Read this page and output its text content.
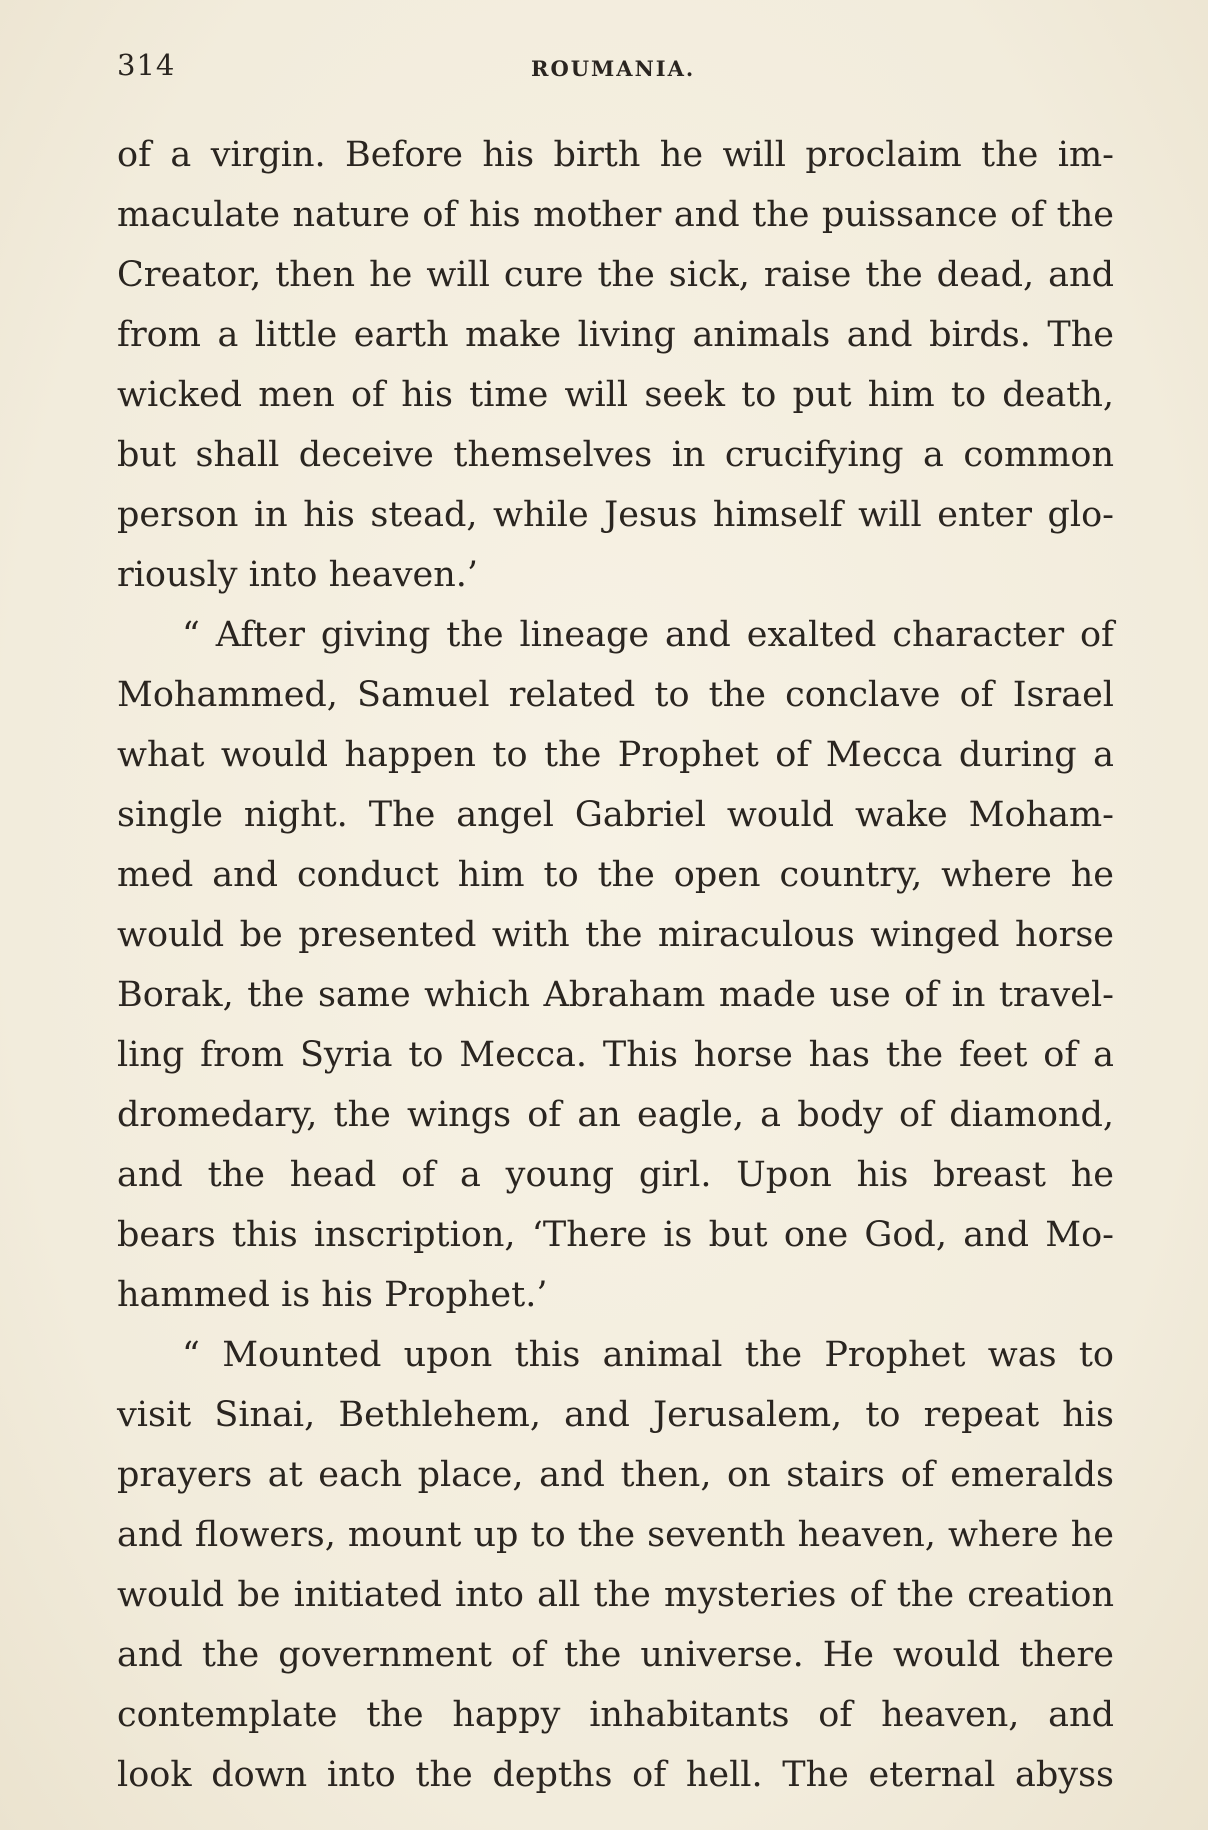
314	ROUMANIA.
of a virgin. Before his birth he will proclaim the im-
maculate nature of his mother and the puissance of the
Creator, then he will cure the sick, raise the dead, and
from a little earth make living animals and birds. The
wicked men of his time will seek to put him to death,
but shall deceive themselves in crucifying a common
person in his stead, while Jesus himself will enter glo-
riously into heaven.’
“ After giving the lineage and exalted character of
Mohammed, Samuel related to the conclave of Israel
what would happen to the Prophet of Mecca during a
single night. The angel Gabriel would wake Moham-
med and conduct him to the open country, where he
would be presented with the miraculous winged horse
Borak, the same which Abraham made use of in travel-
ling from Syria to Mecca. This horse has the feet of a
dromedary, the wings of an eagle, a body of diamond,
and the head of a young girl. Upon his breast he
bears this inscription, ‘There is but one God, and Mo-
hammed is his Prophet.’
“ Mounted upon this animal the Prophet was to
visit Sinai, Bethlehem, and Jerusalem, to repeat his
prayers at each place, and then, on stairs of emeralds
and flowers, mount up to the seventh heaven, where he
would be initiated into all the mysteries of the creation
and the government of the universe. He would there
contemplate the happy inhabitants of heaven, and
look down into the depths of hell. The eternal abyss
